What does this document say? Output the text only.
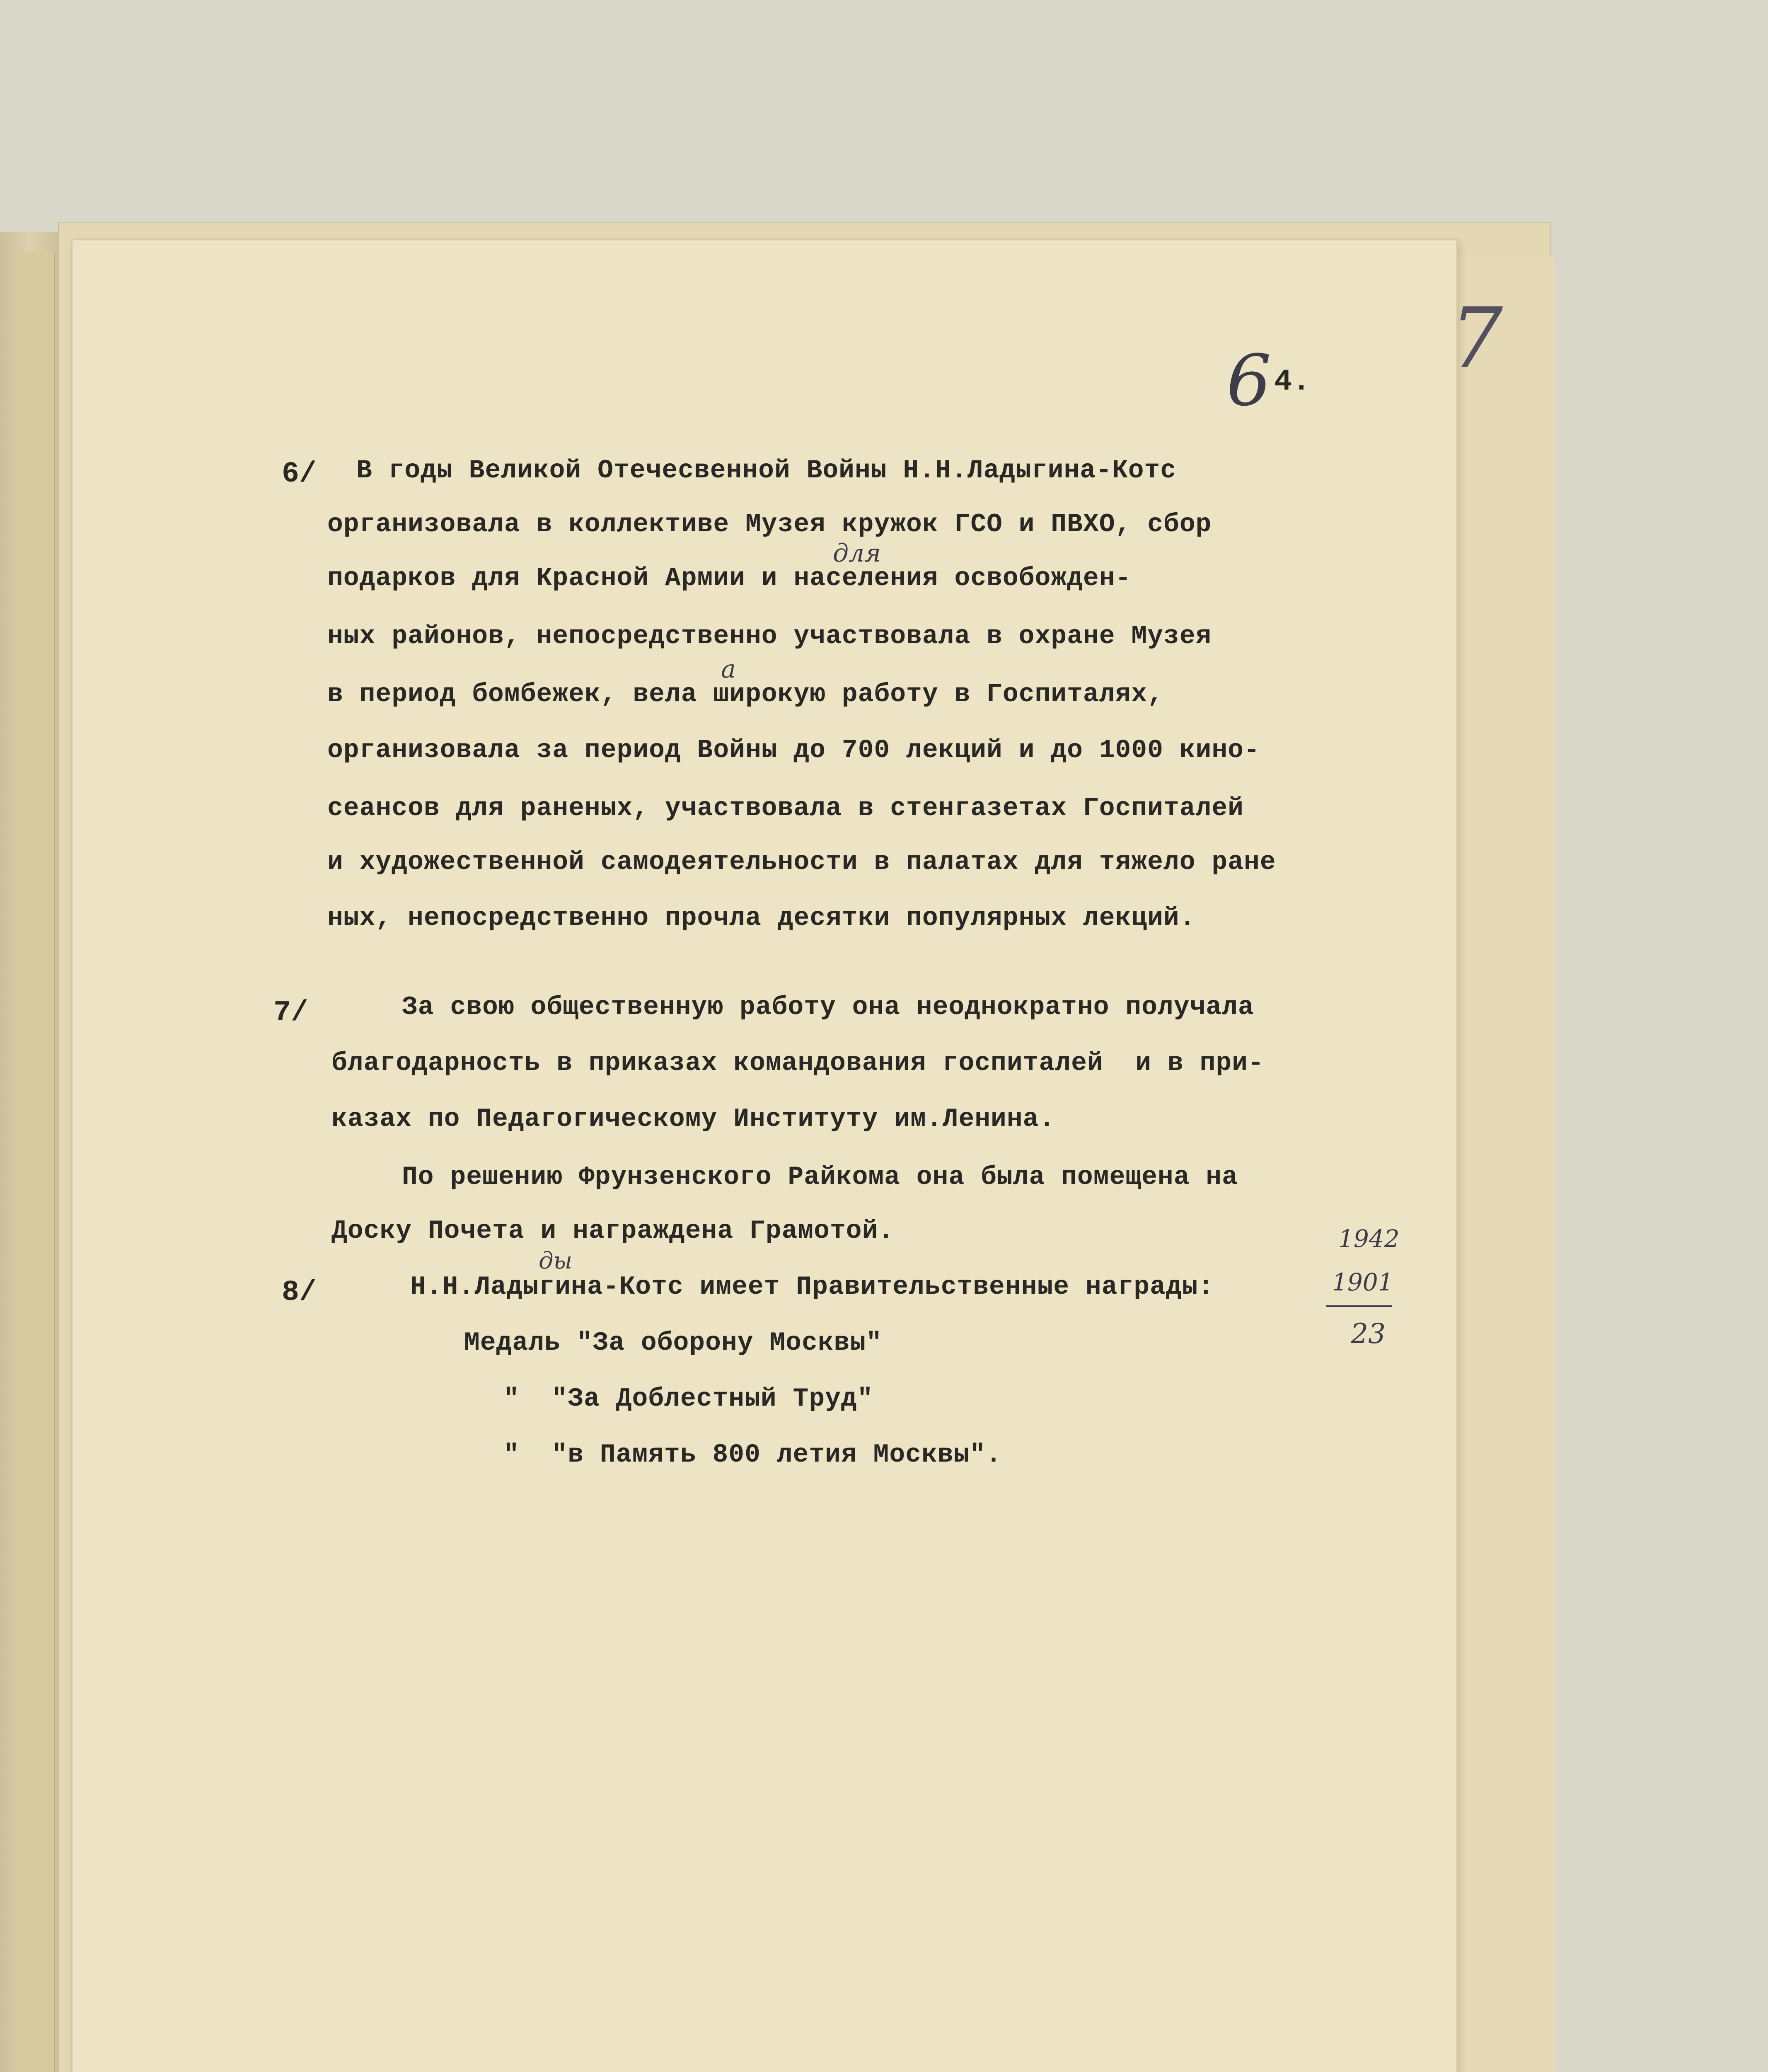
6 4. 7
6/ В годы Великой Отечесвенной Войны Н.Н.Ладыгина-Котс
организовала в коллективе Музея кружок ГСО и ПВХО, сбор
подарков для Красной Армии и населения освобожден-
для
ных районов, непосредственно участвовала в охране Музея
в период бомбежек, вела широкую работу в Госпиталях,
а
организовала за период Войны до 700 лекций и до 1000 кино-
сеансов для раненых, участвовала в стенгазетах Госпиталей
и художественной самодеятельности в палатах для тяжело ране
ных, непосредственно прочла десятки популярных лекций.
7/	За свою общественную работу она неоднократно получала
благодарность в приказах командования госпиталей  и в при-
казах по Педагогическому Институту им.Ленина.
По решению Фрунзенского Райкома она была помещена на
Доску Почета и награждена Грамотой.	1942
1901
23
8/	Н.Н.Ладыгина-Котс имеет Правительственные награды:
ды
Медаль "За оборону Москвы"
"  "За Доблестный Труд"
"  "в Память 800 летия Москвы".
